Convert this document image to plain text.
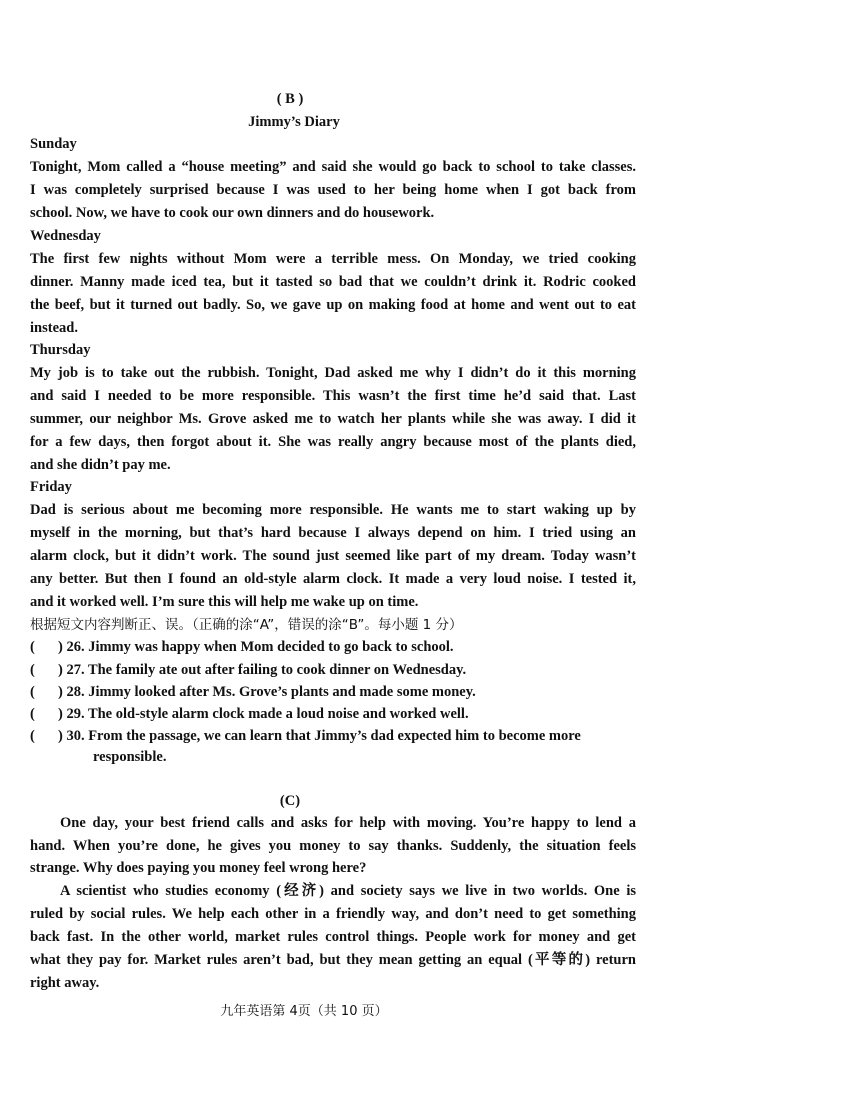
( B )
Jimmy’s Diary
Sunday
Tonight, Mom called a “house meeting” and said she would go back to school to take classes.
I was completely surprised because I was used to her being home when I got back from
school. Now, we have to cook our own dinners and do housework.
Wednesday
The first few nights without Mom were a terrible mess. On Monday, we tried cooking
dinner. Manny made iced tea, but it tasted so bad that we couldn’t drink it. Rodric cooked
the beef, but it turned out badly. So, we gave up on making food at home and went out to eat
instead.
Thursday
My job is to take out the rubbish. Tonight, Dad asked me why I didn’t do it this morning
and said I needed to be more responsible. This wasn’t the first time he’d said that. Last
summer, our neighbor Ms. Grove asked me to watch her plants while she was away. I did it
for a few days, then forgot about it. She was really angry because most of the plants died,
and she didn’t pay me.
Friday
Dad is serious about me becoming more responsible. He wants me to start waking up by
myself in the morning, but that’s hard because I always depend on him. I tried using an
alarm clock, but it didn’t work. The sound just seemed like part of my dream. Today wasn’t
any better. But then I found an old-style alarm clock. It made a very loud noise. I tested it,
and it worked well. I’m sure this will help me wake up on time.
根据短文内容判断正、误。（正确的涂“A”，错误的涂“B”。每小题 1 分）
( ) 26. Jimmy was happy when Mom decided to go back to school.
( ) 27. The family ate out after failing to cook dinner on Wednesday.
( ) 28. Jimmy looked after Ms. Grove’s plants and made some money.
( ) 29. The old-style alarm clock made a loud noise and worked well.
( ) 30. From the passage, we can learn that Jimmy’s dad expected him to become more
responsible.
(C)
One day, your best friend calls and asks for help with moving. You’re happy to lend a
hand. When you’re done, he gives you money to say thanks. Suddenly, the situation feels
strange. Why does paying you money feel wrong here?
A scientist who studies economy (经济) and society says we live in two worlds. One is
ruled by social rules. We help each other in a friendly way, and don’t need to get something
back fast. In the other world, market rules control things. People work for money and get
what they pay for. Market rules aren’t bad, but they mean getting an equal (平等的) return
right away.
九年英语第 4页（共 10 页）
